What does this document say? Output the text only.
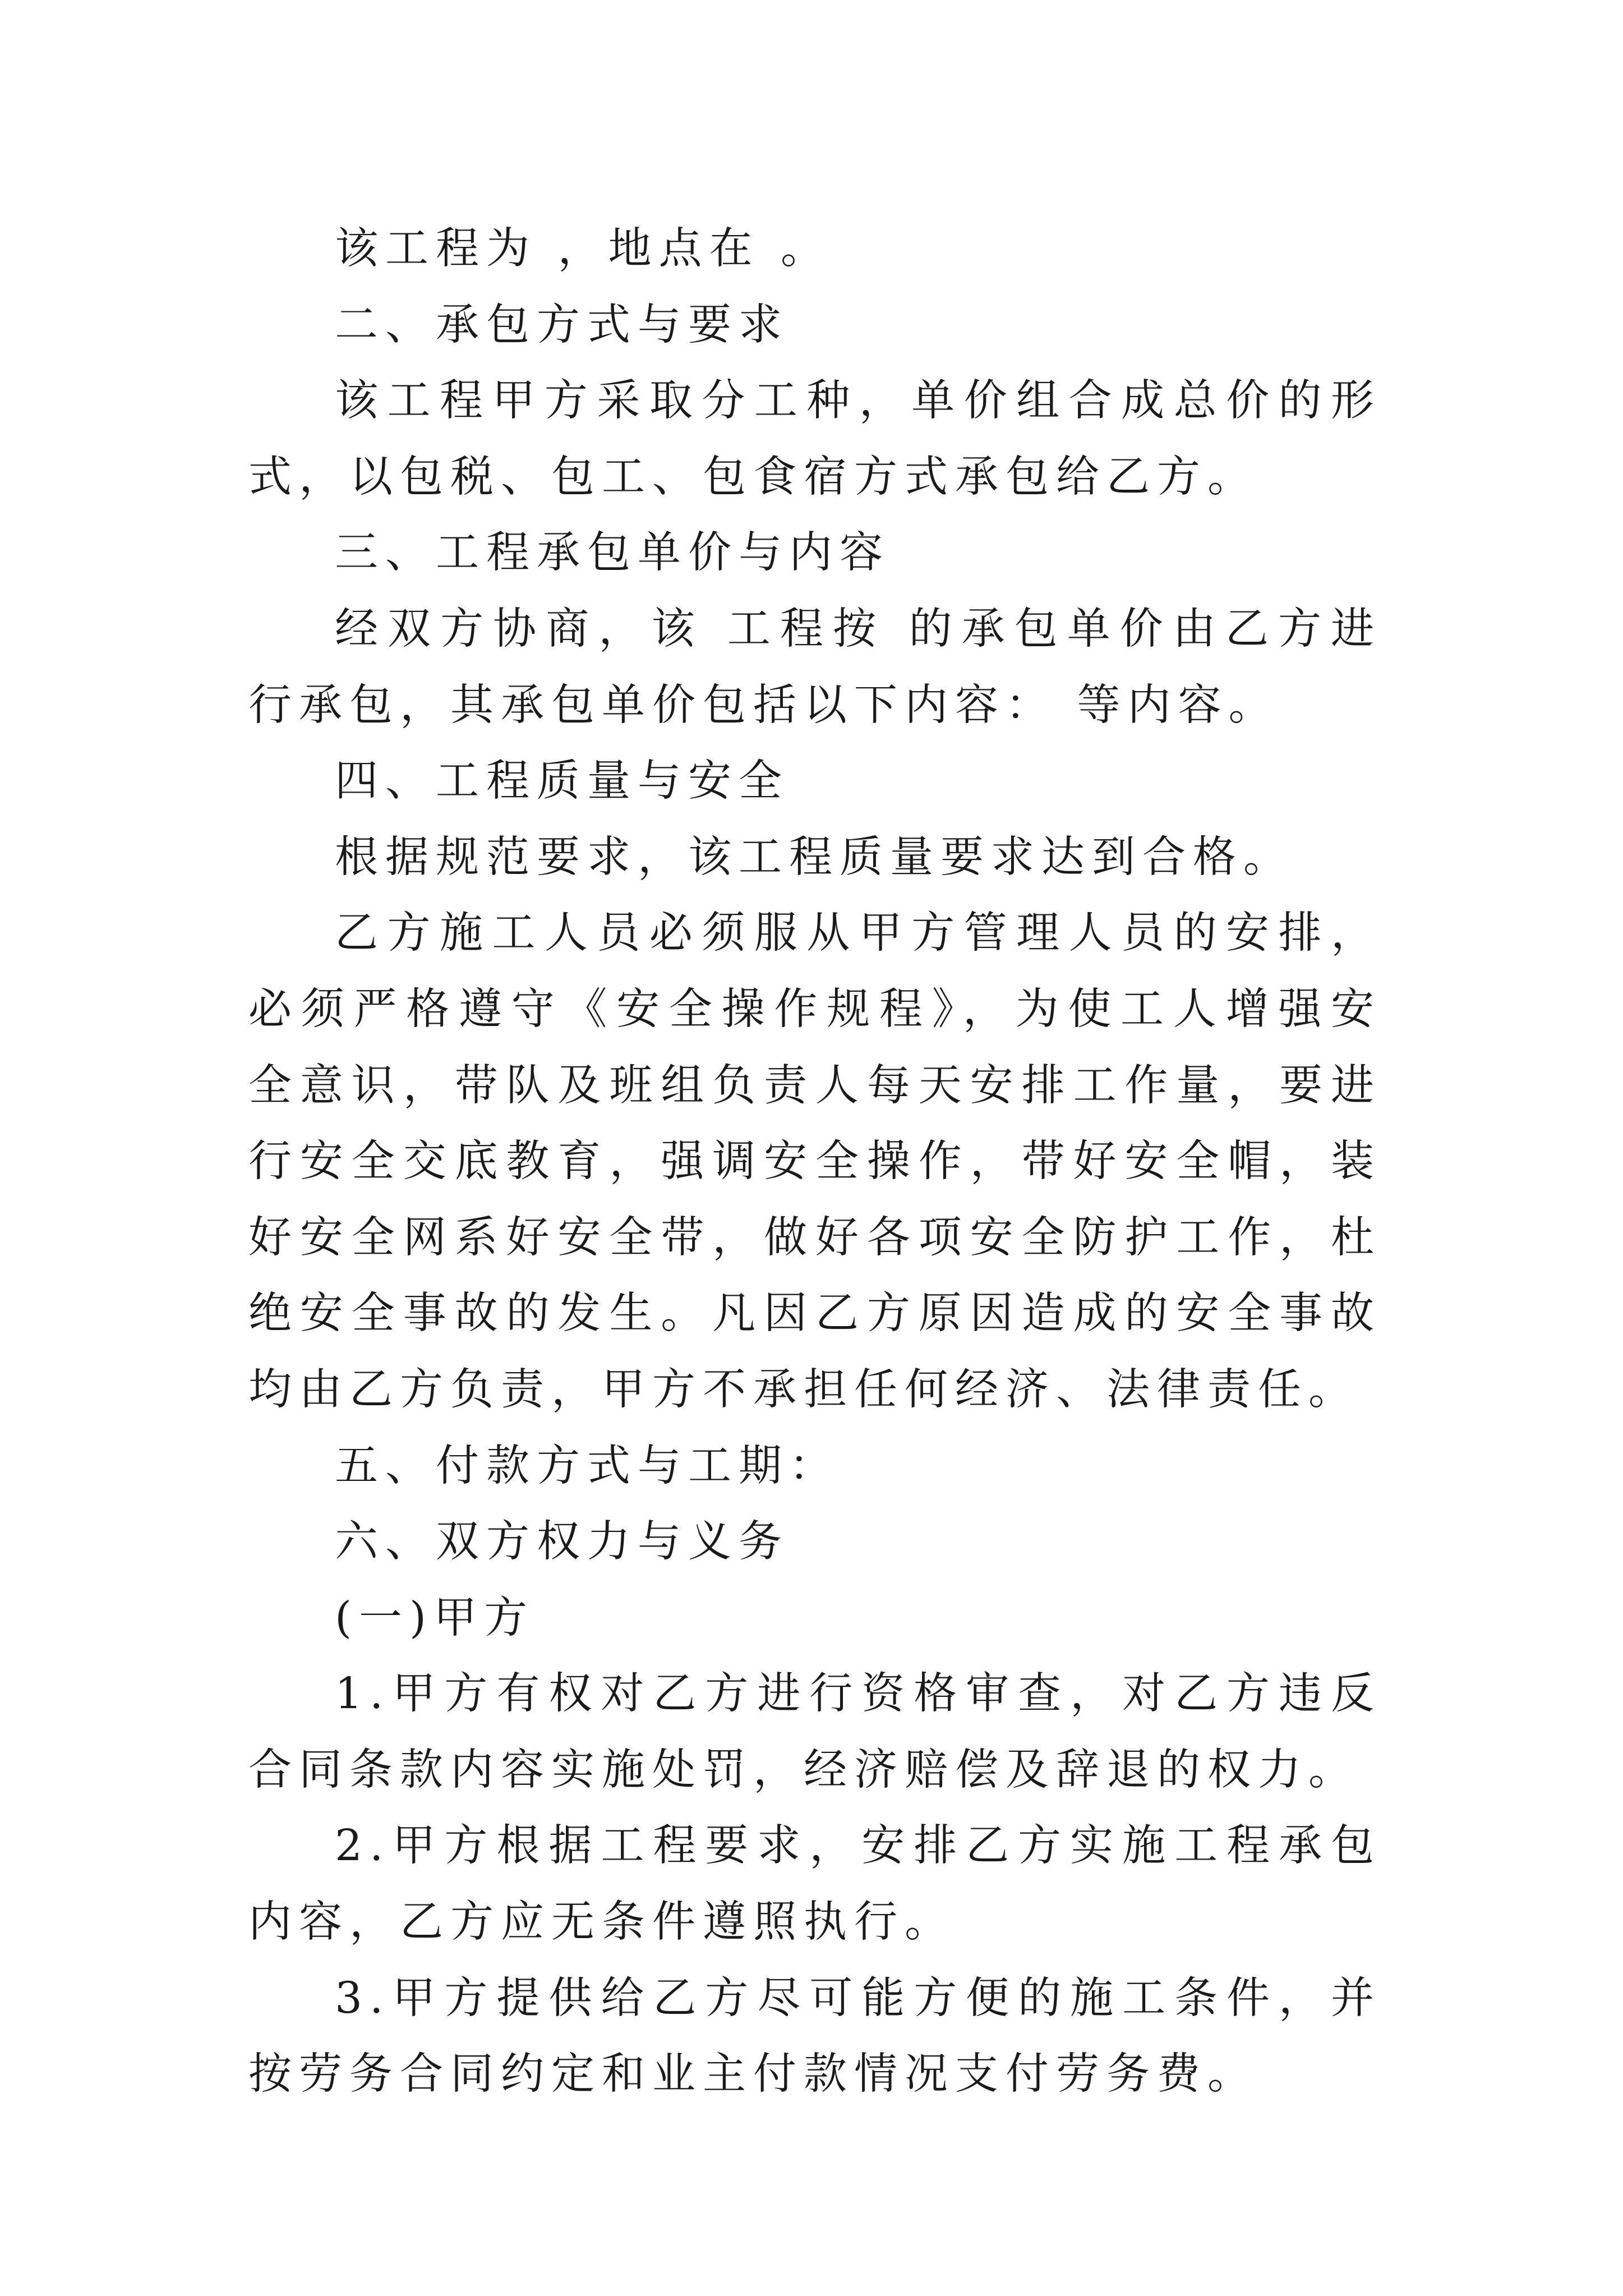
该工程为 ，地点在 。

二、承包方式与要求

该工程甲方采取分工种，单价组合成总价的形式，以包税、包工、包食宿方式承包给乙方。

三、工程承包单价与内容

经双方协商，该 工程按 的承包单价由乙方进行承包，其承包单价包括以下内容： 等内容。

四、工程质量与安全

根据规范要求，该工程质量要求达到合格。

乙方施工人员必须服从甲方管理人员的安排，必须严格遵守《安全操作规程》，为使工人增强安全意识，带队及班组负责人每天安排工作量，要进行安全交底教育，强调安全操作，带好安全帽，装好安全网系好安全带，做好各项安全防护工作，杜绝安全事故的发生。凡因乙方原因造成的安全事故均由乙方负责，甲方不承担任何经济、法律责任。

五、付款方式与工期：

六、双方权力与义务

(一)甲方

1.甲方有权对乙方进行资格审查，对乙方违反合同条款内容实施处罚，经济赔偿及辞退的权力。

2.甲方根据工程要求，安排乙方实施工程承包内容，乙方应无条件遵照执行。

3.甲方提供给乙方尽可能方便的施工条件，并按劳务合同约定和业主付款情况支付劳务费。
